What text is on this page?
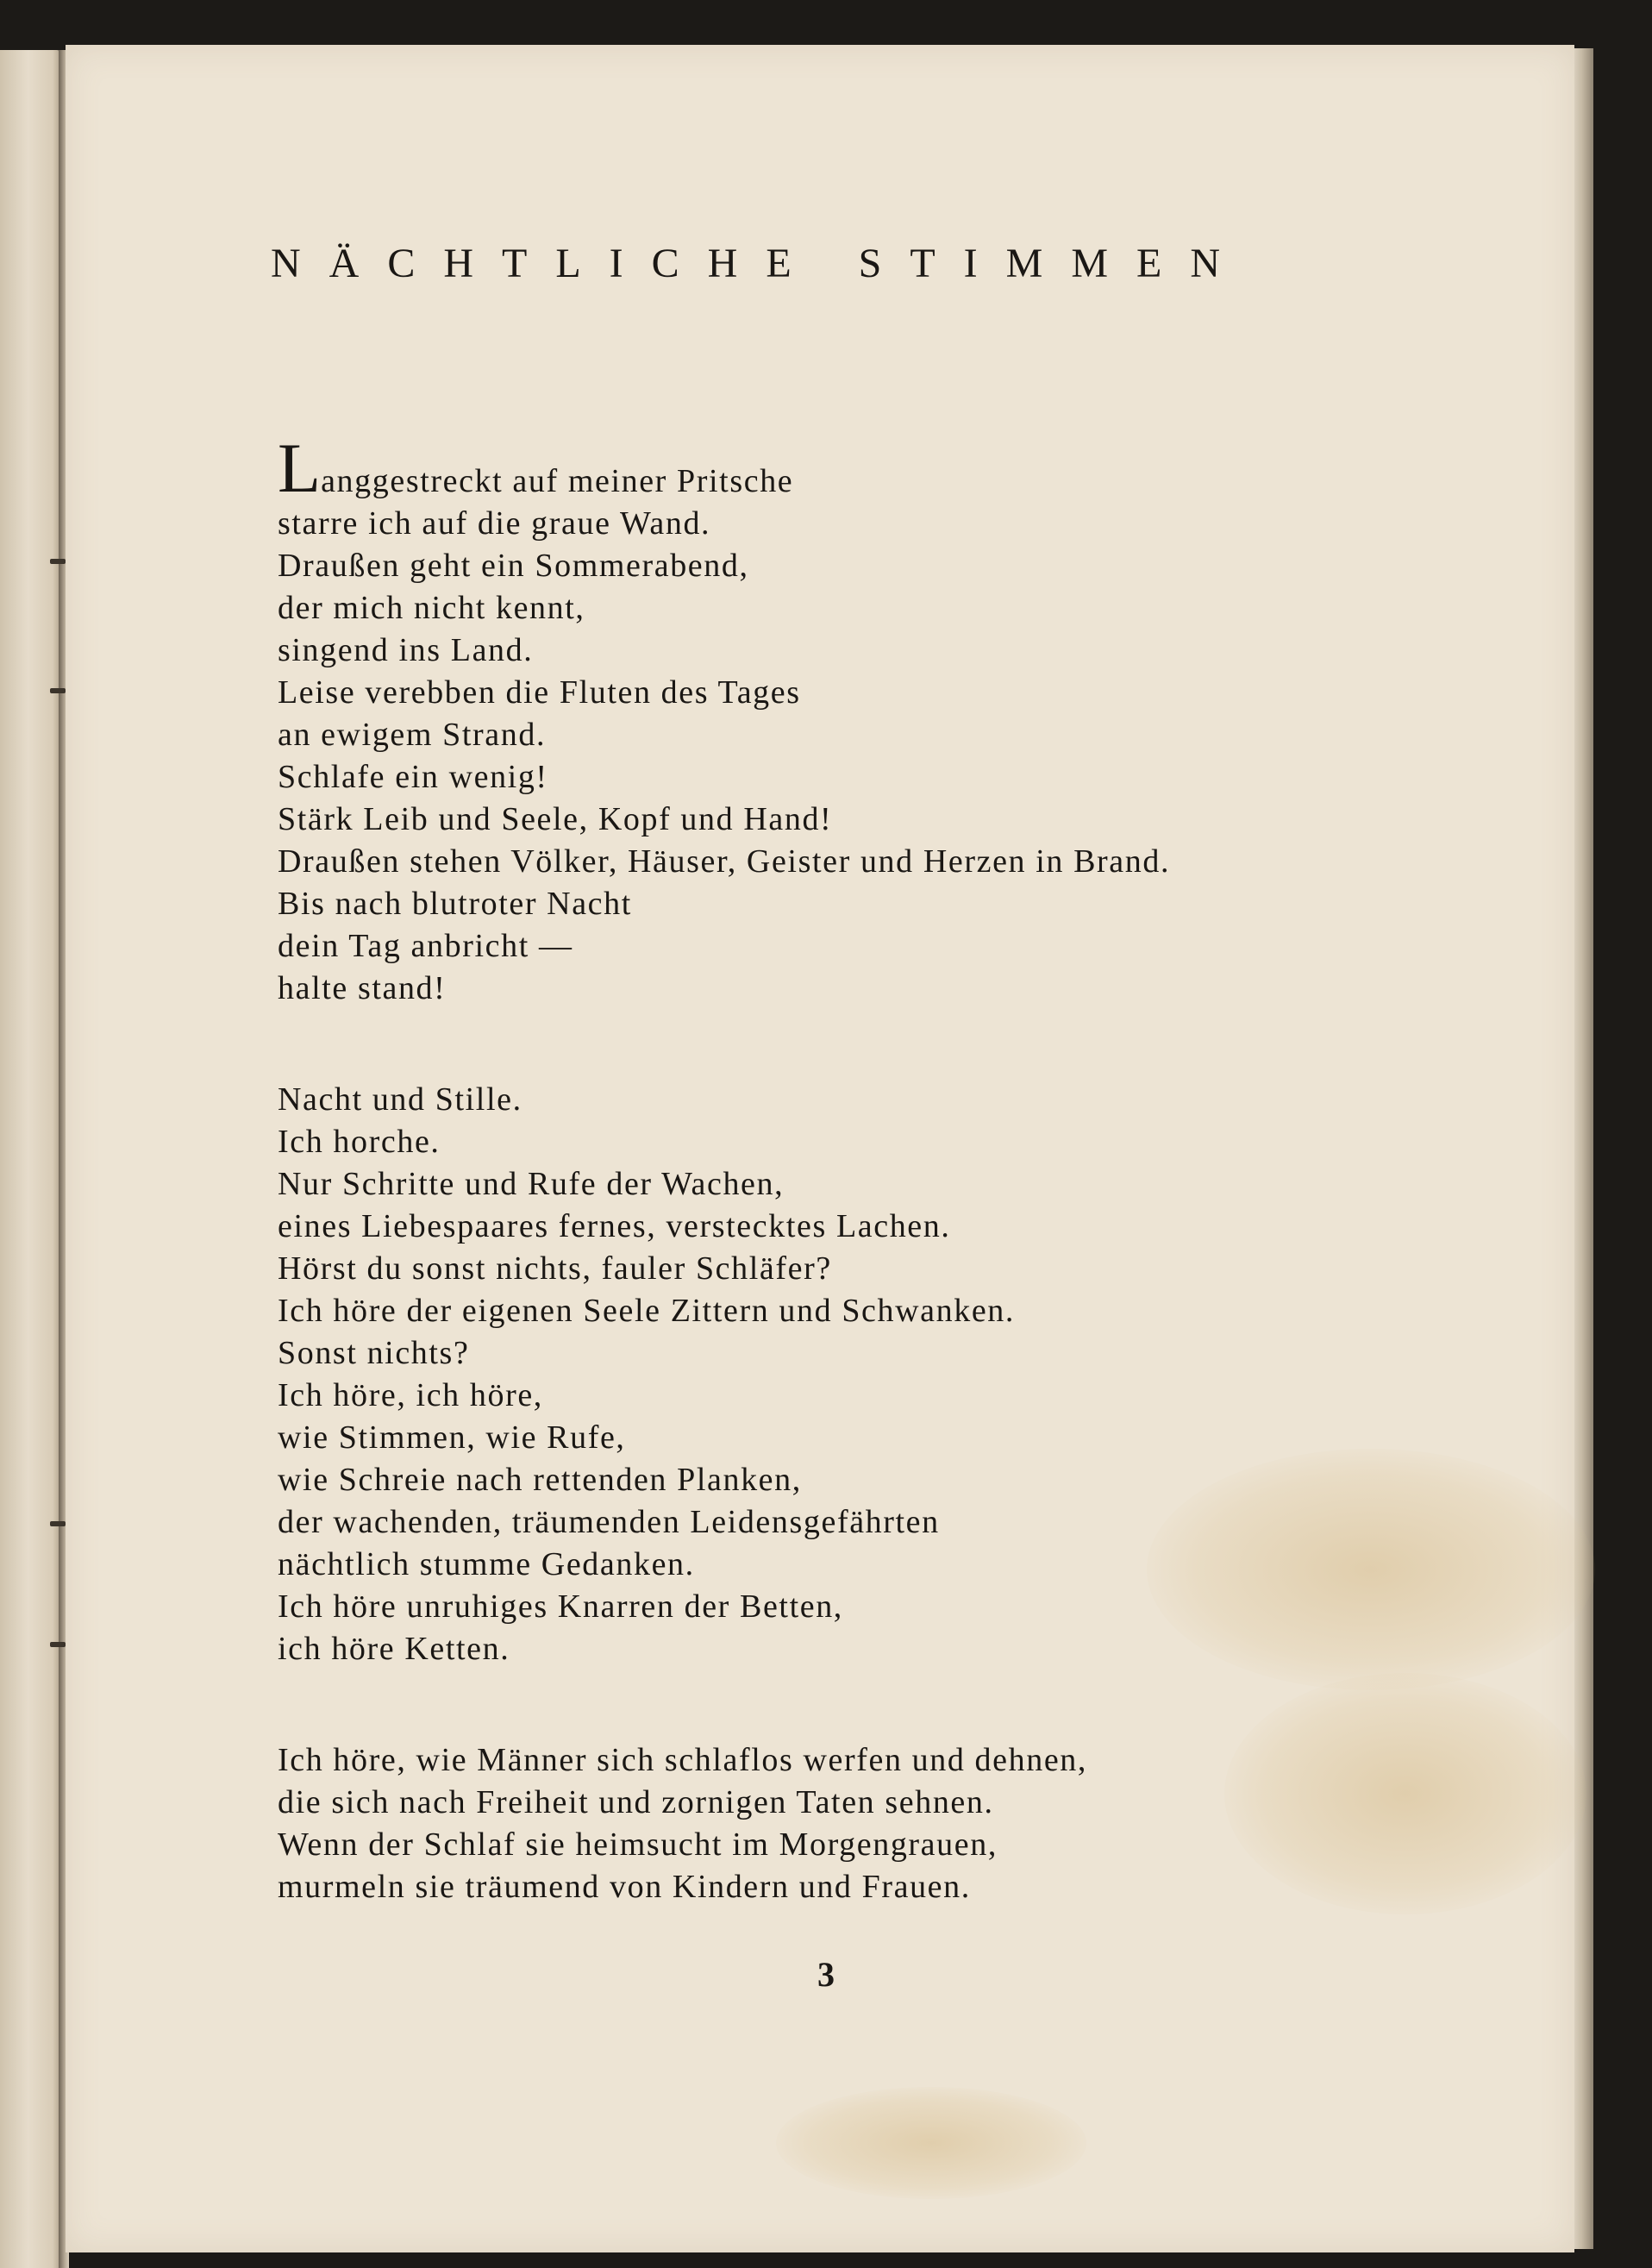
NÄCHTLICHE STIMMEN
Langgestreckt auf meiner Pritsche
starre ich auf die graue Wand.
Draußen geht ein Sommerabend,
der mich nicht kennt,
singend ins Land.
Leise verebben die Fluten des Tages
an ewigem Strand.
Schlafe ein wenig!
Stärk Leib und Seele, Kopf und Hand!
Draußen stehen Völker, Häuser, Geister und Herzen in Brand.
Bis nach blutroter Nacht
dein Tag anbricht —
halte stand!
Nacht und Stille.
Ich horche.
Nur Schritte und Rufe der Wachen,
eines Liebespaares fernes, verstecktes Lachen.
Hörst du sonst nichts, fauler Schläfer?
Ich höre der eigenen Seele Zittern und Schwanken.
Sonst nichts?
Ich höre, ich höre,
wie Stimmen, wie Rufe,
wie Schreie nach rettenden Planken,
der wachenden, träumenden Leidensgefährten
nächtlich stumme Gedanken.
Ich höre unruhiges Knarren der Betten,
ich höre Ketten.
Ich höre, wie Männer sich schlaflos werfen und dehnen,
die sich nach Freiheit und zornigen Taten sehnen.
Wenn der Schlaf sie heimsucht im Morgengrauen,
murmeln sie träumend von Kindern und Frauen.
3
